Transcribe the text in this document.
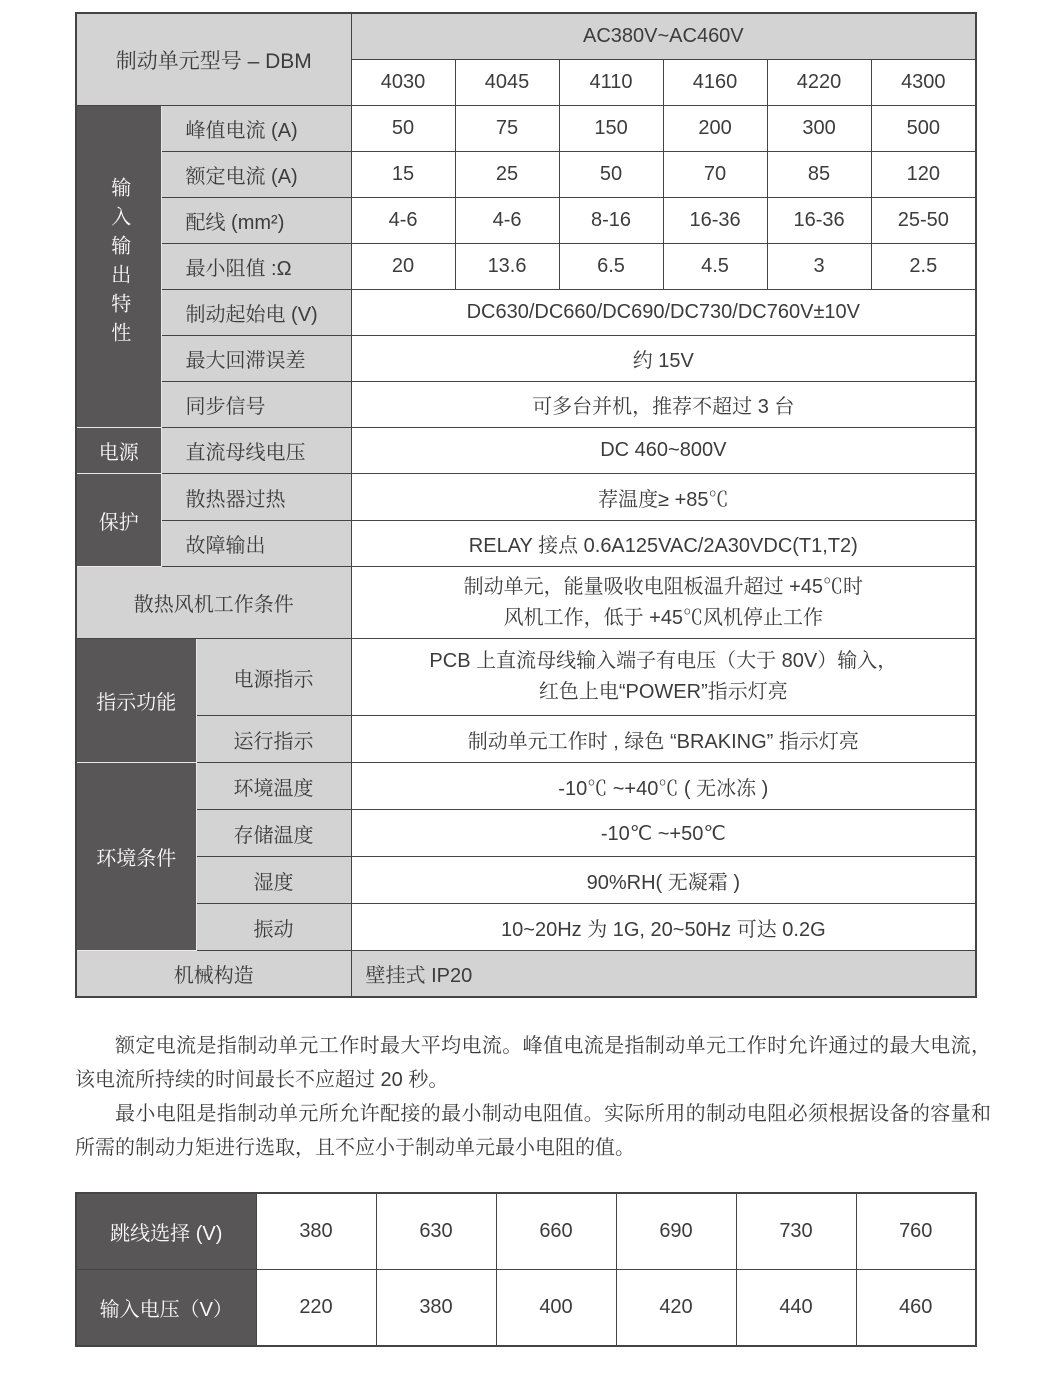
制动单元型号 – DBM			AC380V~AC460V					
			4030	4045	4110	4160	4220	4300
输入输出特性	峰值电流 (A)		50	75	150	200	300	500
	额定电流 (A)		15	25	50	70	85	120
	配线 (mm²)		4-6	4-6	8-16	16-36	16-36	25-50
	最小阻值 :Ω		20	13.6	6.5	4.5	3	2.5
	制动起始电 (V)		DC630/DC660/DC690/DC730/DC760V±10V					
	最大回滞误差		约 15V					
	同步信号		可多台并机，推荐不超过 3 台					
电源	直流母线电压		DC 460~800V					
保护	散热器过热		荐温度≥ +85℃					
	故障输出		RELAY 接点 0.6A125VAC/2A30VDC(T1,T2)					
散热风机工作条件			制动单元，能量吸收电阻板温升超过 +45℃时
风机工作，低于 +45℃风机停止工作					

指示功能		电源指示	PCB 上直流母线输入端子有电压（大于 80V）输入，
红色上电“POWER”指示灯亮					

		运行指示	制动单元工作时 , 绿色 “BRAKING” 指示灯亮					
环境条件		环境温度	-10℃ ~+40℃ ( 无冰冻 )					
		存储温度	-10℃ ~+50℃					
		湿度	90%RH( 无凝霜 )					
		振动	10~20Hz 为 1G, 20~50Hz 可达 0.2G					
机械构造			壁挂式 IP20					

额定电流是指制动单元工作时最大平均电流。峰值电流是指制动单元工作时允许通过的最大电流，该电流所持续的时间最长不应超过 20 秒。

最小电阻是指制动单元所允许配接的最小制动电阻值。实际所用的制动电阻必须根据设备的容量和所需的制动力矩进行选取，且不应小于制动单元最小电阻的值。

跳线选择 (V)	380	630	660	690	730	760
输入电压（V）	220	380	400	420	440	460
